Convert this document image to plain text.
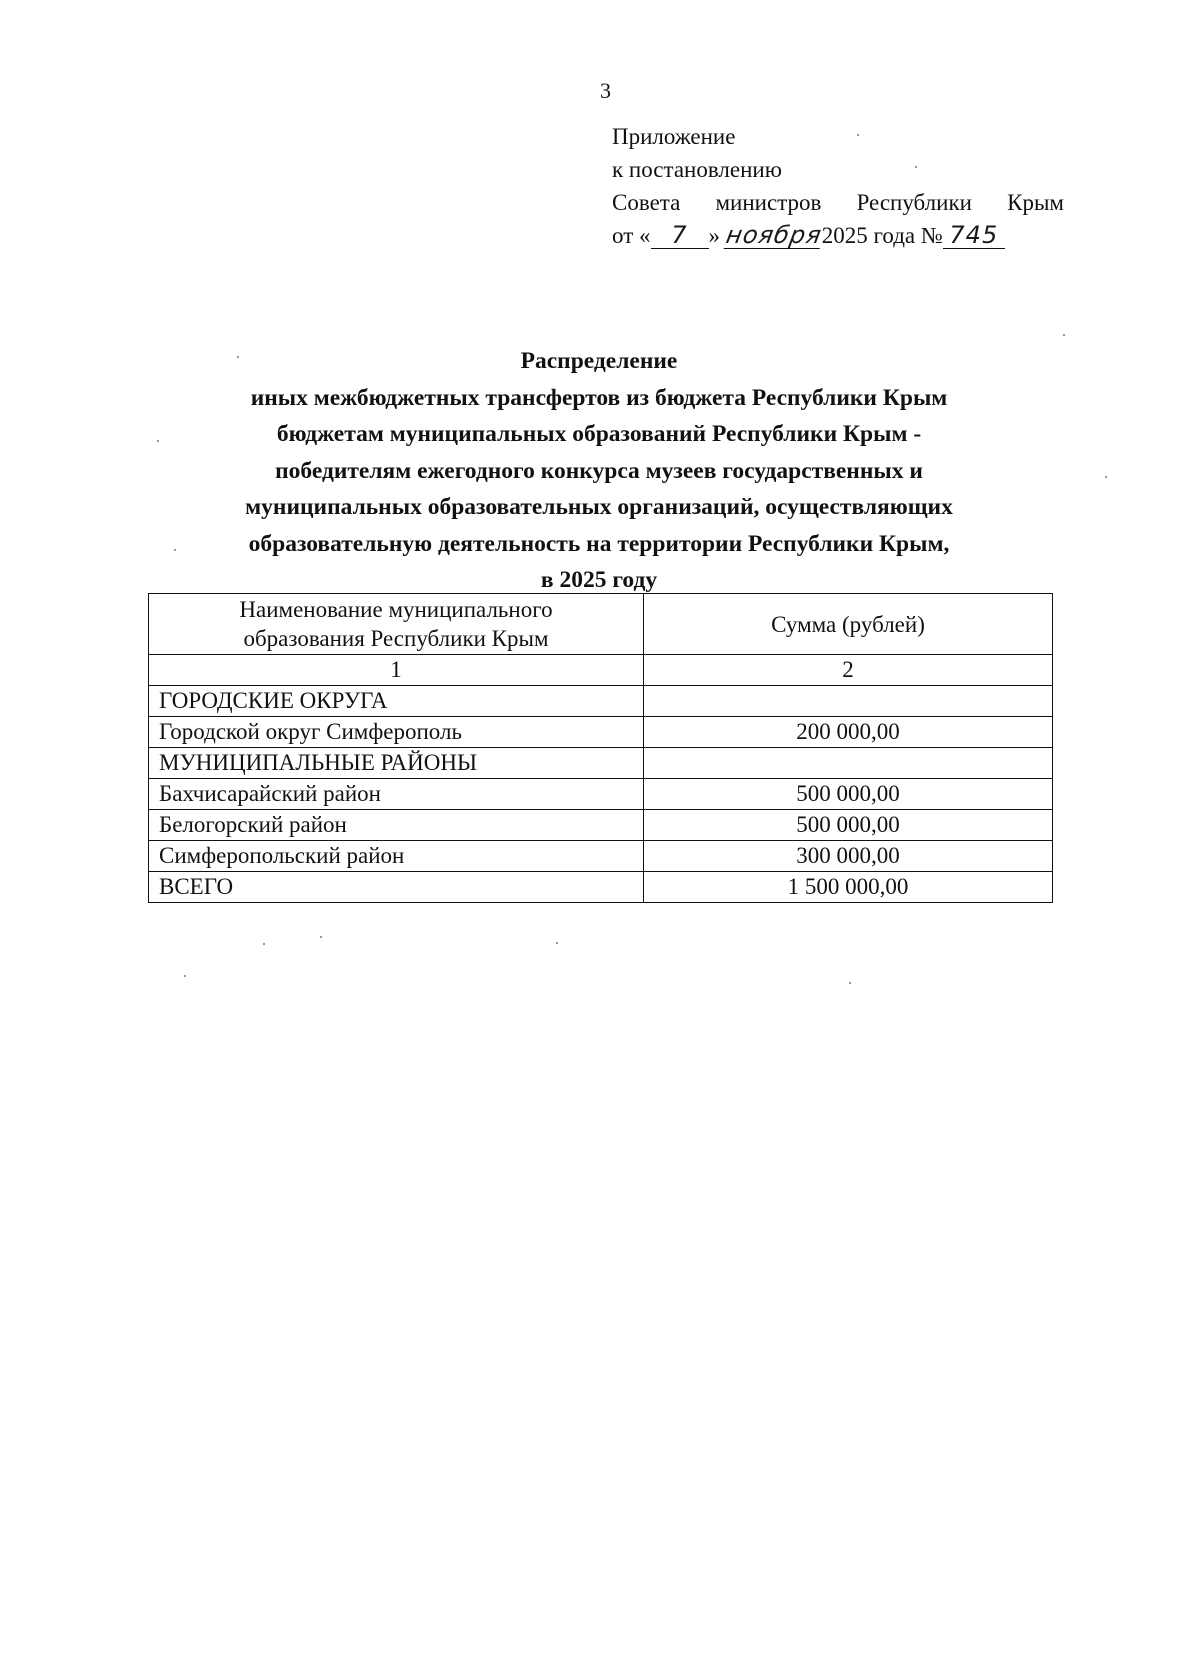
3
Приложение
к постановлению
Совета министров Республики Крым
от « 7 » ноября2025 года № 745
Распределение
иных межбюджетных трансфертов из бюджета Республики Крым
бюджетам муниципальных образований Республики Крым -
победителям ежегодного конкурса музеев государственных и
муниципальных образовательных организаций, осуществляющих
образовательную деятельность на территории Республики Крым,
в 2025 году
Наименование муниципального
образования Республики Крым	Сумма (рублей)
1	2
ГОРОДСКИЕ ОКРУГА	
Городской округ Симферополь	200 000,00
МУНИЦИПАЛЬНЫЕ РАЙОНЫ	
Бахчисарайский район	500 000,00
Белогорский район	500 000,00
Симферопольский район	300 000,00
ВСЕГО	1 500 000,00
